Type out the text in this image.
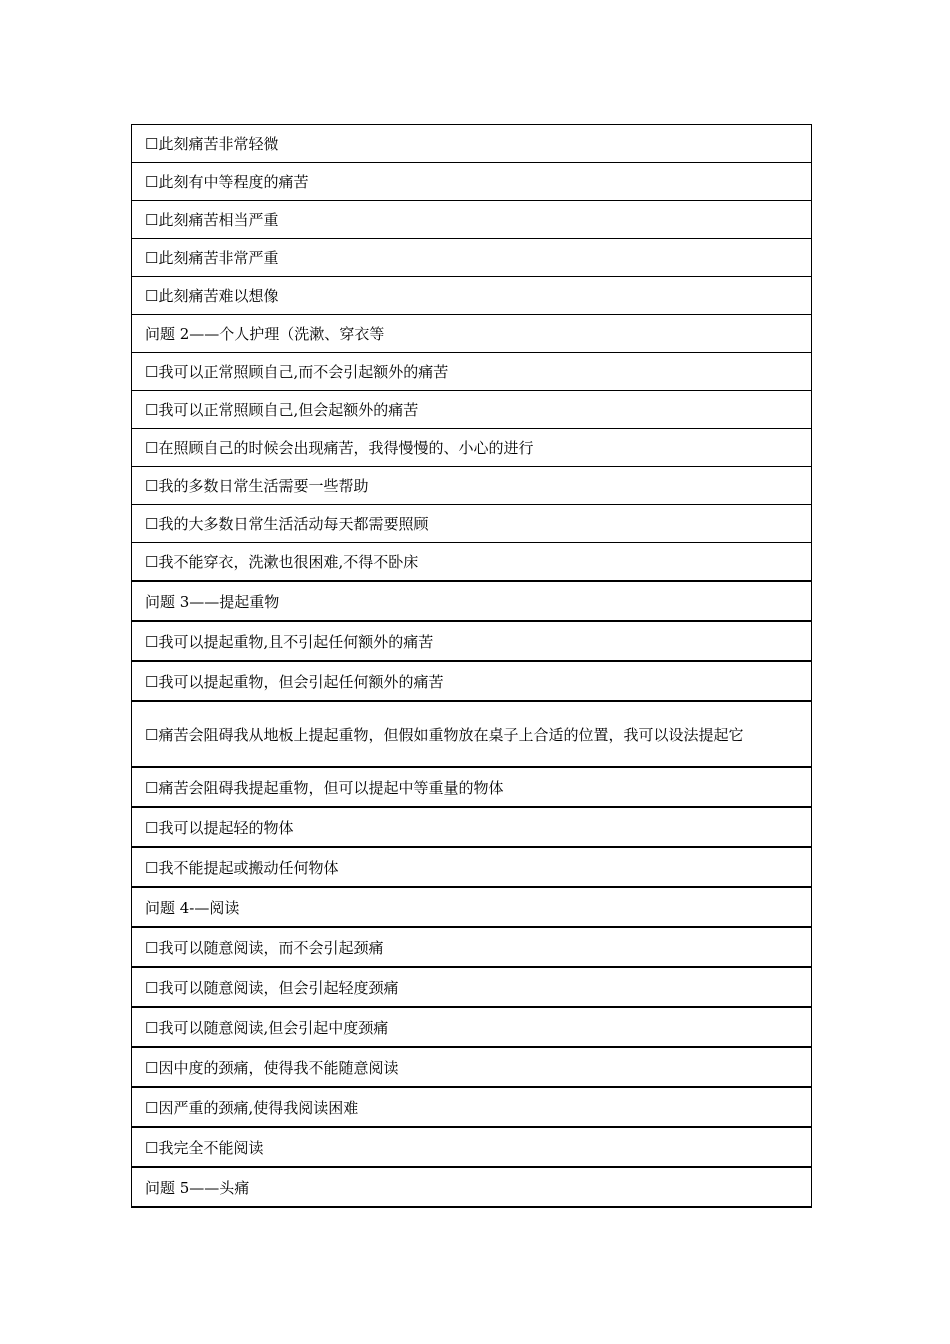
☐此刻痛苦非常轻微
☐此刻有中等程度的痛苦
☐此刻痛苦相当严重
☐此刻痛苦非常严重
☐此刻痛苦难以想像
问题 2——个人护理（洗漱、穿衣等
☐我可以正常照顾自己,而不会引起额外的痛苦
☐我可以正常照顾自己,但会起额外的痛苦
☐在照顾自己的时候会出现痛苦，我得慢慢的、小心的进行
☐我的多数日常生活需要一些帮助
☐我的大多数日常生活活动每天都需要照顾
☐我不能穿衣，洗漱也很困难,不得不卧床
问题 3——提起重物
☐我可以提起重物,且不引起任何额外的痛苦
☐我可以提起重物，但会引起任何额外的痛苦
☐痛苦会阻碍我从地板上提起重物，但假如重物放在桌子上合适的位置，我可以设法提起它
☐痛苦会阻碍我提起重物，但可以提起中等重量的物体
☐我可以提起轻的物体
☐我不能提起或搬动任何物体
问题 4-—阅读
☐我可以随意阅读，而不会引起颈痛
☐我可以随意阅读，但会引起轻度颈痛
☐我可以随意阅读,但会引起中度颈痛
☐因中度的颈痛，使得我不能随意阅读
☐因严重的颈痛,使得我阅读困难
☐我完全不能阅读
问题 5——头痛
